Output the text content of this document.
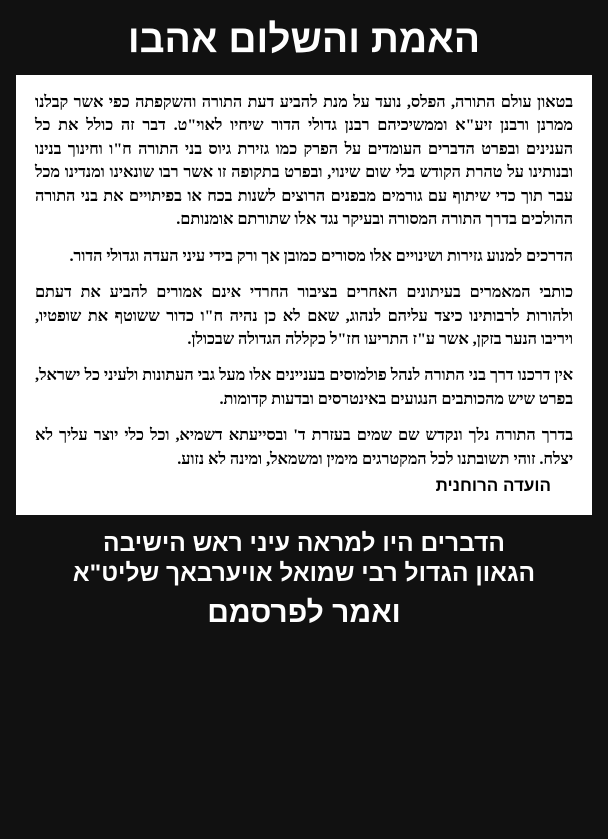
האמת והשלום אהבו

בטאון עולם התורה, הפלס, נועד על מנת להביע דעת התורה והשקפתה כפי אשר קבלנו ממרנן ורבנן זיע"א וממשיכיהם רבנן גדולי הדור שיחיו לאוי"ט. דבר זה כולל את כל הענינים ובפרט הדברים העומדים על הפרק כמו גזירת גיוס בני התורה ח"ו וחינוך בנינו ובנותינו על טהרת הקודש בלי שום שינוי, ובפרט בתקופה זו אשר רבו שונאינו ומנדינו מכל עבר תוך כדי שיתוף עם גורמים מבפנים הרוצים לשנות בכח או בפיתויים את בני התורה ההולכים בדרך התורה המסורה ובעיקר נגד אלו שתורתם אומנותם.

הדרכים למנוע גזירות ושינויים אלו מסורים כמובן אך ורק בידי עיני העדה וגדולי הדור.

כותבי המאמרים בעיתונים האחרים בציבור החרדי אינם אמורים להביע את דעתם ולהורות לרבותינו כיצד עליהם לנהוג, שאם לא כן נהיה ח"ו כדור ששוטף את שופטיו, ויריבו הנער בזקן, אשר ע"ז התריעו חז"ל כקללה הגדולה שבכולן.

אין דרכנו דרך בני התורה לנהל פולמוסים בעניינים אלו מעל גבי העתונות ולעיני כל ישראל, בפרט שיש מהכותבים הנגועים באינטרסים ובדעות קדומות.

בדרך התורה נלך ונקדש שם שמים בעזרת ד' ובסייעתא דשמיא, וכל כלי יוצר עליך לא יצלח. זוהי תשובתנו לכל המקטרגים מימין ומשמאל, ומינה לא נזוע.

הועדה הרוחנית
הדברים היו למראה עיני ראש הישיבה
הגאון הגדול רבי שמואל אויערבאך שליט"א
ואמר לפרסמם
